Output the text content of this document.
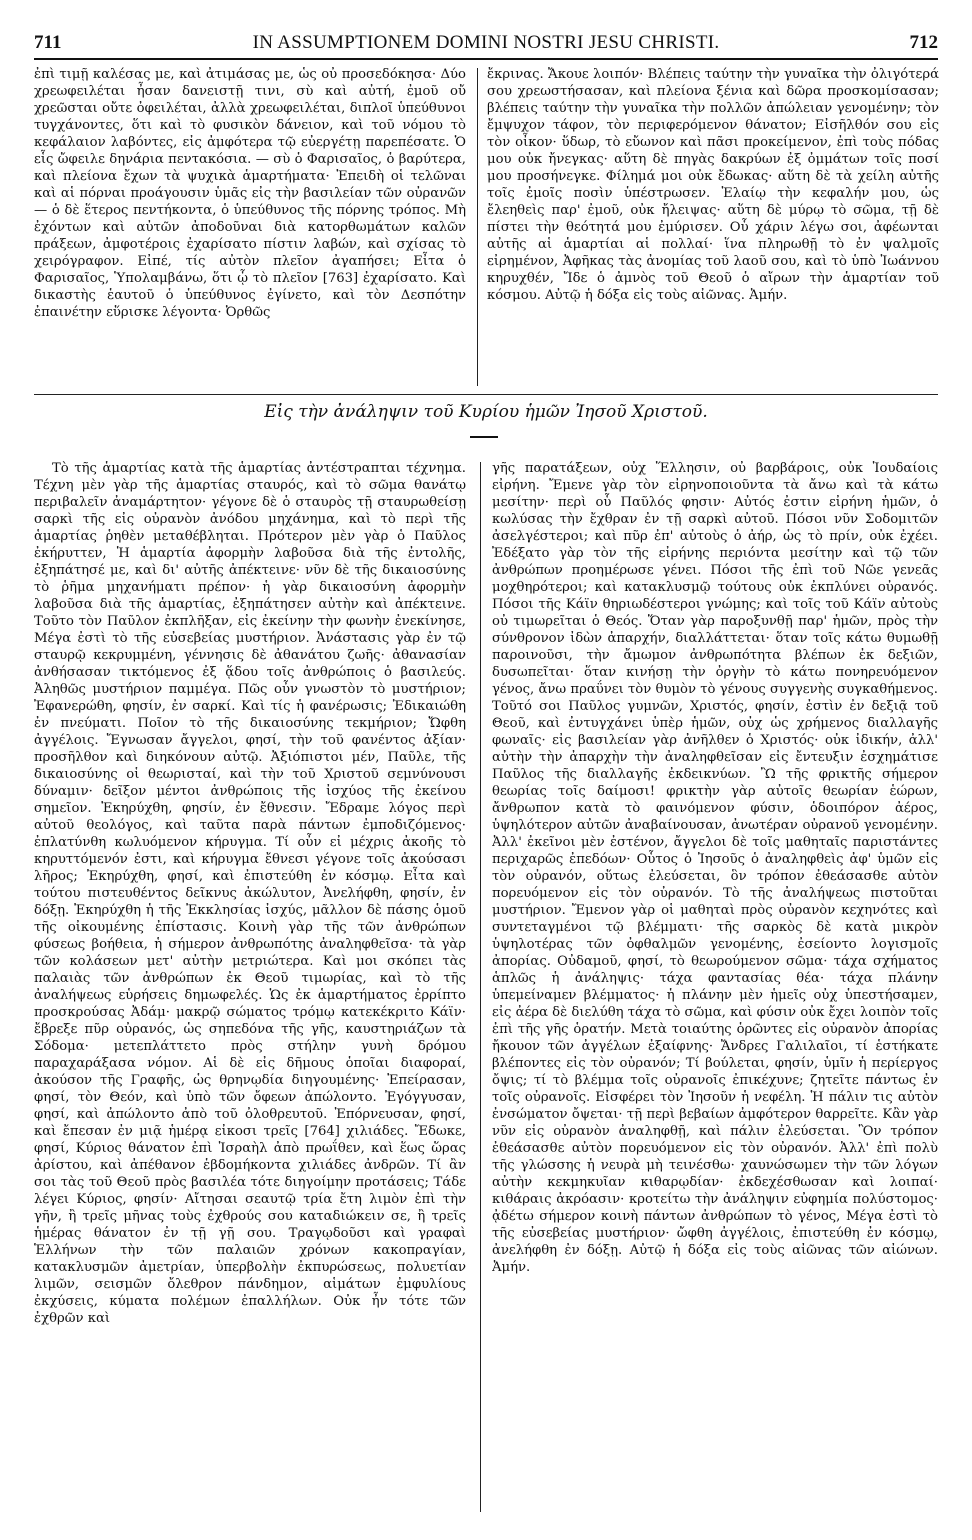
711	IN ASSUMPTIONEM DOMINI NOSTRI JESU CHRISTI.	712

ἐπὶ τιμῇ καλέσας με, καὶ ἀτιμάσας με, ὡς οὐ προσεδόκησα· Δύο χρεωφειλέται ἦσαν δανειστῇ τινι, σὺ καὶ αὐτή, ἐμοῦ οὔ χρεῶσται οὔτε ὀφειλέται, ἀλλὰ χρεωφειλέται, διπλοῖ ὑπεύθυνοι τυγχάνοντες, ὅτι καὶ τὸ φυσικὸν δάνειον, καὶ τοῦ νόμου τὸ κεφάλαιον λαβόντες, εἰς ἀμφότερα τῷ εὐεργέτῃ παρεπέσατε. Ὁ εἷς ὤφειλε δηνάρια πεντακόσια. — σὺ ὁ Φαρισαῖος, ὁ βαρύτερα, καὶ πλείονα ἔχων τὰ ψυχικὰ ἁμαρτήματα· Ἐπειδὴ οἱ τελῶναι καὶ αἱ πόρναι προάγουσιν ὑμᾶς εἰς τὴν βασιλείαν τῶν οὐρανῶν — ὁ δὲ ἕτερος πεντήκοντα, ὁ ὑπεύθυνος τῆς πόρνης τρόπος. Μὴ ἐχόντων καὶ αὐτῶν ἀποδοῦναι διὰ κατορθωμάτων καλῶν πράξεων, ἀμφοτέροις ἐχαρίσατο πίστιν λαβών, καὶ σχίσας τὸ χειρόγραφον. Εἰπέ, τίς αὐτὸν πλεῖον ἀγαπήσει; Εἶτα ὁ Φαρισαῖος, Ὑπολαμβάνω, ὅτι ᾧ τὸ πλεῖον [763] ἐχαρίσατο. Καὶ δικαστὴς ἑαυτοῦ ὁ ὑπεύθυνος ἐγίνετο, καὶ τὸν Δεσπότην ἐπαινέτην εὕρισκε λέγοντα· Ὀρθῶς

ἔκρινας. Ἄκουε λοιπόν· Βλέπεις ταύτην τὴν γυναῖκα τὴν ὀλιγότερά σου χρεωστήσασαν, καὶ πλείονα ξένια καὶ δῶρα προσκομίσασαν; βλέπεις ταύτην τὴν γυναῖκα τὴν πολλῶν ἀπώλειαν γενομένην; τὸν ἔμψυχον τάφον, τὸν περιφερόμενον θάνατον; Εἰσῆλθόν σου εἰς τὸν οἶκον· ὕδωρ, τὸ εὔωνον καὶ πᾶσι προκείμενον, ἐπὶ τοὺς πόδας μου οὐκ ἤνεγκας· αὕτη δὲ πηγὰς δακρύων ἐξ ὀμμάτων τοῖς ποσί μου προσήνεγκε. Φίλημά μοι οὐκ ἔδωκας· αὕτη δὲ τὰ χείλη αὐτῆς τοῖς ἐμοῖς ποσὶν ὑπέστρωσεν. Ἐλαίῳ τὴν κεφαλήν μου, ὡς ἔλεηθεὶς παρ' ἐμοῦ, οὐκ ἤλειψας· αὕτη δὲ μύρῳ τὸ σῶμα, τῇ δὲ πίστει τὴν θεότητά μου ἐμύρισεν. Οὗ χάριν λέγω σοι, ἀφέωνται αὐτῆς αἱ ἁμαρτίαι αἱ πολλαί· ἵνα πληρωθῇ τὸ ἐν ψαλμοῖς εἰρημένον, Ἀφῆκας τὰς ἀνομίας τοῦ λαοῦ σου, καὶ τὸ ὑπὸ Ἰωάννου κηρυχθέν, Ἴδε ὁ ἀμνὸς τοῦ Θεοῦ ὁ αἴρων τὴν ἁμαρτίαν τοῦ κόσμου. Αὐτῷ ἡ δόξα εἰς τοὺς αἰῶνας. Ἀμήν.

Εἰς τὴν ἀνάληψιν τοῦ Κυρίου ἡμῶν Ἰησοῦ Χριστοῦ.

Τὸ τῆς ἁμαρτίας κατὰ τῆς ἁμαρτίας ἀντέστραπται τέχνημα. Τέχνη μὲν γὰρ τῆς ἁμαρτίας σταυρός, καὶ τὸ σῶμα θανάτῳ περιβαλεῖν ἀναμάρτητον· γέγονε δὲ ὁ σταυρὸς τῇ σταυρωθείσῃ σαρκὶ τῆς εἰς οὐρανὸν ἀνόδου μηχάνημα, καὶ τὸ περὶ τῆς ἁμαρτίας ῥηθὲν μεταθέβληται. Πρότερον μὲν γὰρ ὁ Παῦλος ἐκήρυττεν, Ἡ ἁμαρτία ἀφορμὴν λαβοῦσα διὰ τῆς ἐντολῆς, ἐξηπάτησέ με, καὶ δι' αὐτῆς ἀπέκτεινε· νῦν δὲ τῆς δικαιοσύνης τὸ ῥῆμα μηχανήματι πρέπον· ἡ γὰρ δικαιοσύνη ἀφορμὴν λαβοῦσα διὰ τῆς ἁμαρτίας, ἐξηπάτησεν αὐτὴν καὶ ἀπέκτεινε. Τοῦτο τὸν Παῦλον ἐκπλῆξαν, εἰς ἐκείνην τὴν φωνὴν ἐνεκίνησε, Μέγα ἐστὶ τὸ τῆς εὐσεβείας μυστήριον. Ἀνάστασις γὰρ ἐν τῷ σταυρῷ κεκρυμμένη, γέννησις δὲ ἀθανάτου ζωῆς· ἀθανασίαν ἀνθήσασαν τικτόμενος ἐξ ᾅδου τοῖς ἀνθρώποις ὁ βασιλεύς. Ἀληθῶς μυστήριον παμμέγα. Πῶς οὖν γνωστὸν τὸ μυστήριον; Ἐφανερώθη, φησίν, ἐν σαρκί. Καὶ τίς ἡ φανέρωσις; Ἐδικαιώθη ἐν πνεύματι. Ποῖον τὸ τῆς δικαιοσύνης τεκμήριον; Ὤφθη ἀγγέλοις. Ἔγνωσαν ἄγγελοι, φησί, τὴν τοῦ φανέντος ἀξίαν· προσῆλθον καὶ διηκόνουν αὐτῷ. Ἀξιόπιστοι μέν, Παῦλε, τῆς δικαιοσύνης οἱ θεωρισταί, καὶ τὴν τοῦ Χριστοῦ σεμνύνουσι δύναμιν· δεῖξον μέντοι ἀνθρώποις τῆς ἰσχύος τῆς ἐκείνου σημεῖον. Ἐκηρύχθη, φησίν, ἐν ἔθνεσιν. Ἔδραμε λόγος περὶ αὐτοῦ θεολόγος, καὶ ταῦτα παρὰ πάντων ἐμποδιζόμενος· ἐπλατύνθη κωλυόμενον κήρυγμα. Τί οὖν εἰ μέχρις ἀκοῆς τὸ κηρυττόμενόν ἐστι, καὶ κήρυγμα ἔθνεσι γέγονε τοῖς ἀκούσασι λῆρος; Ἐκηρύχθη, φησί, καὶ ἐπιστεύθη ἐν κόσμῳ. Εἶτα καὶ τούτου πιστευθέντος δεῖκνυς ἀκώλυτον, Ἀνελήφθη, φησίν, ἐν δόξῃ. Ἐκηρύχθη ἡ τῆς Ἐκκλησίας ἰσχύς, μᾶλλον δὲ πάσης ὁμοῦ τῆς οἰκουμένης ἐπίστασις. Κοινὴ γὰρ τῆς τῶν ἀνθρώπων φύσεως βοήθεια, ἡ σήμερον ἀνθρωπότης ἀναληφθεῖσα· τὰ γὰρ τῶν κολάσεων μετ' αὐτὴν μετριώτερα. Καὶ μοι σκόπει τὰς παλαιὰς τῶν ἀνθρώπων ἐκ Θεοῦ τιμωρίας, καὶ τὸ τῆς ἀναλήψεως εὑρήσεις δημωφελές. Ὡς ἐκ ἁμαρτήματος ἐρρίπτο προσκρούσας Ἀδάμ· μακρῷ σώματος τρόμῳ κατεκέκριτο Κάϊν· ἔβρεξε πῦρ οὐρανός, ὡς σηπεδόνα τῆς γῆς, καυστηριάζων τὰ Σόδομα· μετεπλάττετο πρὸς στήλην γυνὴ δρόμου παραχαράξασα νόμον. Αἱ δὲ εἰς δῆμους ὁποῖαι διαφοραί, ἀκούσον τῆς Γραφῆς, ὡς θρηνῳδία διηγουμένης· Ἐπείρασαν, φησί, τὸν Θεόν, καὶ ὑπὸ τῶν ὄφεων ἀπώλοντο. Ἐγόγγυσαν, φησί, καὶ ἀπώλοντο ἀπὸ τοῦ ὀλοθρευτοῦ. Ἐπόρνευσαν, φησί, καὶ ἔπεσαν ἐν μιᾷ ἡμέρᾳ εἰκοσι τρεῖς [764] χιλιάδες. Ἔδωκε, φησί, Κύριος θάνατον ἐπὶ Ἰσραὴλ ἀπὸ πρωΐθεν, καὶ ἕως ὥρας ἀρίστου, καὶ ἀπέθανον ἑβδομήκοντα χιλιάδες ἀνδρῶν. Τί ἂν σοι τὰς τοῦ Θεοῦ πρὸς βασιλέα τότε διηγοίμην προτάσεις; Τάδε λέγει Κύριος, φησίν· Αἴτησαι σεαυτῷ τρία ἔτη λιμὸν ἐπὶ τὴν γῆν, ἢ τρεῖς μῆνας τοὺς ἐχθρούς σου καταδιώκειν σε, ἢ τρεῖς ἡμέρας θάνατον ἐν τῇ γῇ σου. Τραγῳδοῦσι καὶ γραφαὶ Ἑλλήνων τὴν τῶν παλαιῶν χρόνων κακοπραγίαν, κατακλυσμῶν ἀμετρίαν, ὑπερβολὴν ἐκπυρώσεως, πολυετίαν λιμῶν, σεισμῶν ὄλεθρον πάνδημον, αἱμάτων ἐμφυλίους ἐκχύσεις, κύματα πολέμων ἐπαλλήλων. Οὐκ ἦν τότε τῶν ἐχθρῶν καὶ

γῆς παρατάξεων, οὐχ Ἕλλησιν, οὐ βαρβάροις, οὐκ Ἰουδαίοις εἰρήνη. Ἔμενε γὰρ τὸν εἰρηνοποιοῦντα τὰ ἄνω καὶ τὰ κάτω μεσίτην· περὶ οὗ Παῦλός φησιν· Αὐτός ἐστιν εἰρήνη ἡμῶν, ὁ κωλύσας τὴν ἔχθραν ἐν τῇ σαρκὶ αὐτοῦ. Πόσοι νῦν Σοδομιτῶν ἀσελγέστεροι; καὶ πῦρ ἐπ' αὐτοὺς ὁ ἀήρ, ὡς τὸ πρίν, οὐκ ἐχέει. Ἐδέξατο γὰρ τὸν τῆς εἰρήνης περιόντα μεσίτην καὶ τῷ τῶν ἀνθρώπων προημέρωσε γένει. Πόσοι τῆς ἐπὶ τοῦ Νῶε γενεᾶς μοχθηρότεροι; καὶ κατακλυσμῷ τούτους οὐκ ἐκπλύνει οὐρανός. Πόσοι τῆς Κάϊν θηριωδέστεροι γνώμης; καὶ τοῖς τοῦ Κάϊν αὐτοὺς οὐ τιμωρεῖται ὁ Θεός. Ὅταν γὰρ παροξυνθῇ παρ' ἡμῶν, πρὸς τὴν σύνθρονον ἰδὼν ἀπαρχήν, διαλλάττεται· ὅταν τοῖς κάτω θυμωθῇ παροινοῦσι, τὴν ἄμωμον ἀνθρωπότητα βλέπων ἐκ δεξιῶν, δυσωπεῖται· ὅταν κινήσῃ τὴν ὀργὴν τὸ κάτω πονηρευόμενον γένος, ἄνω πραΰνει τὸν θυμὸν τὸ γένους συγγενὴς συγκαθήμενος. Τοῦτό σοι Παῦλος γυμνῶν, Χριστός, φησίν, ἐστὶν ἐν δεξιᾷ τοῦ Θεοῦ, καὶ ἐντυγχάνει ὑπὲρ ἡμῶν, οὐχ ὡς χρήμενος διαλλαγῆς φωναῖς· εἰς βασιλείαν γὰρ ἀνῆλθεν ὁ Χριστός· οὐκ ἰδικήν, ἀλλ' αὐτὴν τὴν ἀπαρχὴν τὴν ἀναληφθεῖσαν εἰς ἔντευξιν ἐσχημάτισε Παῦλος τῆς διαλλαγῆς ἐκδεικνύων. Ὢ τῆς φρικτῆς σήμερον θεωρίας τοῖς δαίμοσι! φρικτὴν γὰρ αὐτοῖς θεωρίαν ἑώρων, ἄνθρωπον κατὰ τὸ φαινόμενον φύσιν, ὁδοιπόρον ἀέρος, ὑψηλότερον αὐτῶν ἀναβαίνουσαν, ἀνωτέραν οὐρανοῦ γενομένην. Ἀλλ' ἐκεῖνοι μὲν ἐστένον, ἄγγελοι δὲ τοῖς μαθηταῖς παριστάντες περιχαρῶς ἐπεδόων· Οὗτος ὁ Ἰησοῦς ὁ ἀναληφθεὶς ἀφ' ὑμῶν εἰς τὸν οὐρανόν, οὕτως ἐλεύσεται, ὃν τρόπον ἐθεάσασθε αὐτὸν πορευόμενον εἰς τὸν οὐρανόν. Τὸ τῆς ἀναλήψεως πιστοῦται μυστήριον. Ἔμενον γὰρ οἱ μαθηταὶ πρὸς οὐρανὸν κεχηνότες καὶ συντεταγμένοι τῷ βλέμματι· τῆς σαρκὸς δὲ κατὰ μικρὸν ὑψηλοτέρας τῶν ὀφθαλμῶν γενομένης, ἐσείοντο λογισμοῖς ἀπορίας. Οὐδαμοῦ, φησί, τὸ θεωρούμενον σῶμα· τάχα σχήματος ἁπλῶς ἡ ἀνάληψις· τάχα φαντασίας θέα· τάχα πλάνην ὑπεμείναμεν βλέμματος· ἡ πλάνην μὲν ἡμεῖς οὐχ ὑπεστήσαμεν, εἰς ἀέρα δὲ διελύθη τάχα τὸ σῶμα, καὶ φύσιν οὐκ ἔχει λοιπὸν τοῖς ἐπὶ τῆς γῆς ὁρατήν. Μετὰ τοιαύτης ὁρῶντες εἰς οὐρανὸν ἀπορίας ἤκουον τῶν ἀγγέλων ἐξαίφνης· Ἄνδρες Γαλιλαῖοι, τί ἑστήκατε βλέποντες εἰς τὸν οὐρανόν; Τί βούλεται, φησίν, ὑμῖν ἡ περίεργος ὄψις; τί τὸ βλέμμα τοῖς οὐρανοῖς ἐπικέχυνε; ζητεῖτε πάντως ἐν τοῖς οὐρανοῖς. Εἰσφέρει τὸν Ἰησοῦν ἡ νεφέλη. Ἡ πάλιν τις αὐτὸν ἐνσώματον ὄψεται· τῇ περὶ βεβαίων ἀμφότερον θαρρεῖτε. Κἂν γὰρ νῦν εἰς οὐρανὸν ἀναληφθῇ, καὶ πάλιν ἐλεύσεται. Ὃν τρόπον ἐθεάσασθε αὐτὸν πορευόμενον εἰς τὸν οὐρανόν. Ἀλλ' ἐπὶ πολὺ τῆς γλώσσης ἡ νευρὰ μὴ τεινέσθω· χαυνώσωμεν τὴν τῶν λόγων αὐτὴν κεκμηκυῖαν κιθαρῳδίαν· ἐκδεχέσθωσαν καὶ λοιπαί· κιθάραις ἀκρόασιν· κροτείτω τὴν ἀνάληψιν εὐφημία πολύστομος· ᾀδέτω σήμερον κοινὴ πάντων ἀνθρώπων τὸ γένος, Μέγα ἐστὶ τὸ τῆς εὐσεβείας μυστήριον· ὤφθη ἀγγέλοις, ἐπιστεύθη ἐν κόσμῳ, ἀνελήφθη ἐν δόξῃ. Αὐτῷ ἡ δόξα εἰς τοὺς αἰῶνας τῶν αἰώνων. Ἀμήν.
